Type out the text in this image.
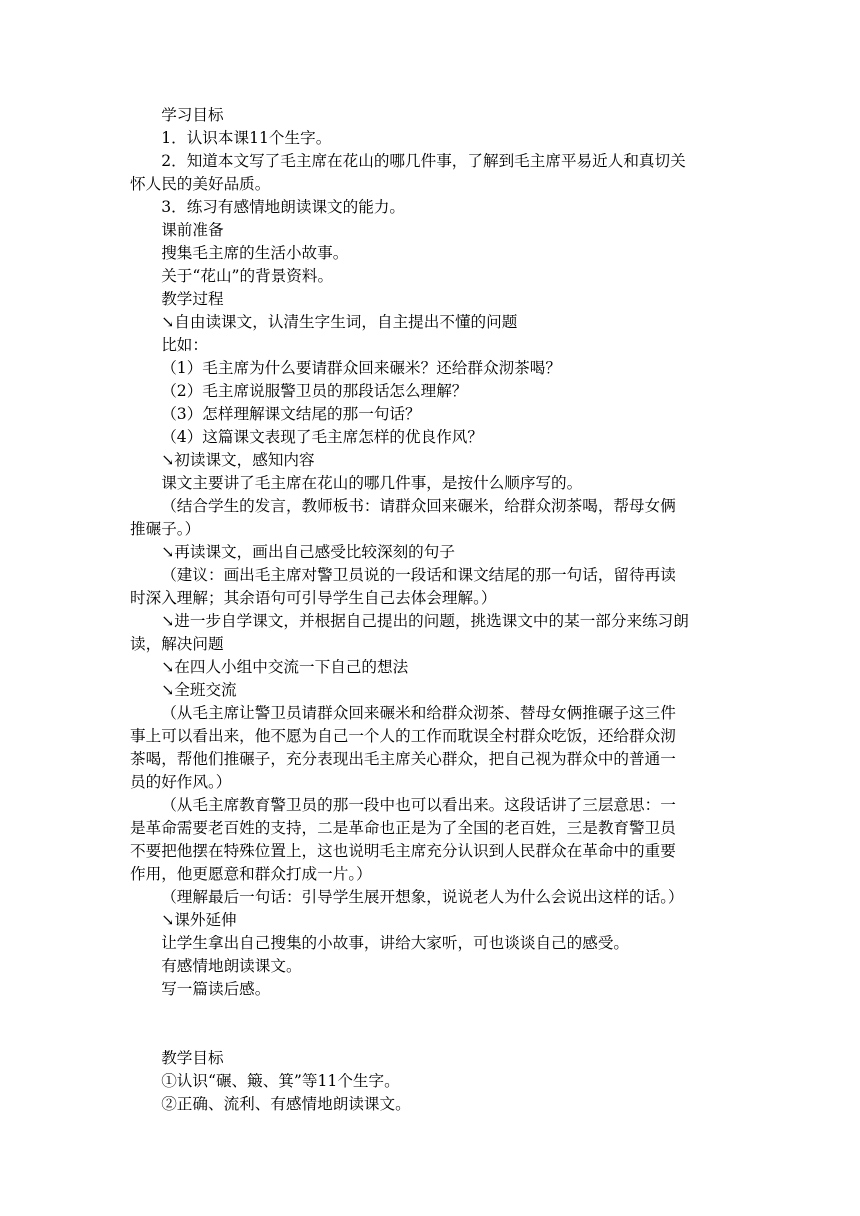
学习目标

1．认识本课11个生字。

2．知道本文写了毛主席在花山的哪几件事，了解到毛主席平易近人和真切关怀人民的美好品质。

3．练习有感情地朗读课文的能力。

课前准备

搜集毛主席的生活小故事。

关于“花山”的背景资料。

教学过程

↘自由读课文，认清生字生词，自主提出不懂的问题

比如：

（1）毛主席为什么要请群众回来碾米？还给群众沏茶喝？

（2）毛主席说服警卫员的那段话怎么理解？

（3）怎样理解课文结尾的那一句话？

（4）这篇课文表现了毛主席怎样的优良作风？

↘初读课文，感知内容

课文主要讲了毛主席在花山的哪几件事，是按什么顺序写的。

（结合学生的发言，教师板书：请群众回来碾米，给群众沏茶喝，帮母女俩推碾子。）

↘再读课文，画出自己感受比较深刻的句子

（建议：画出毛主席对警卫员说的一段话和课文结尾的那一句话，留待再读时深入理解；其余语句可引导学生自己去体会理解。）

↘进一步自学课文，并根据自己提出的问题，挑选课文中的某一部分来练习朗读，解决问题

↘在四人小组中交流一下自己的想法

↘全班交流

（从毛主席让警卫员请群众回来碾米和给群众沏茶、替母女俩推碾子这三件事上可以看出来，他不愿为自己一个人的工作而耽误全村群众吃饭，还给群众沏茶喝，帮他们推碾子，充分表现出毛主席关心群众，把自己视为群众中的普通一员的好作风。）

（从毛主席教育警卫员的那一段中也可以看出来。这段话讲了三层意思：一是革命需要老百姓的支持，二是革命也正是为了全国的老百姓，三是教育警卫员不要把他摆在特殊位置上，这也说明毛主席充分认识到人民群众在革命中的重要作用，他更愿意和群众打成一片。）

（理解最后一句话：引导学生展开想象，说说老人为什么会说出这样的话。）

↘课外延伸

让学生拿出自己搜集的小故事，讲给大家听，可也谈谈自己的感受。

有感情地朗读课文。

写一篇读后感。

教学目标

①认识“碾、簸、箕”等11个生字。

②正确、流利、有感情地朗读课文。
